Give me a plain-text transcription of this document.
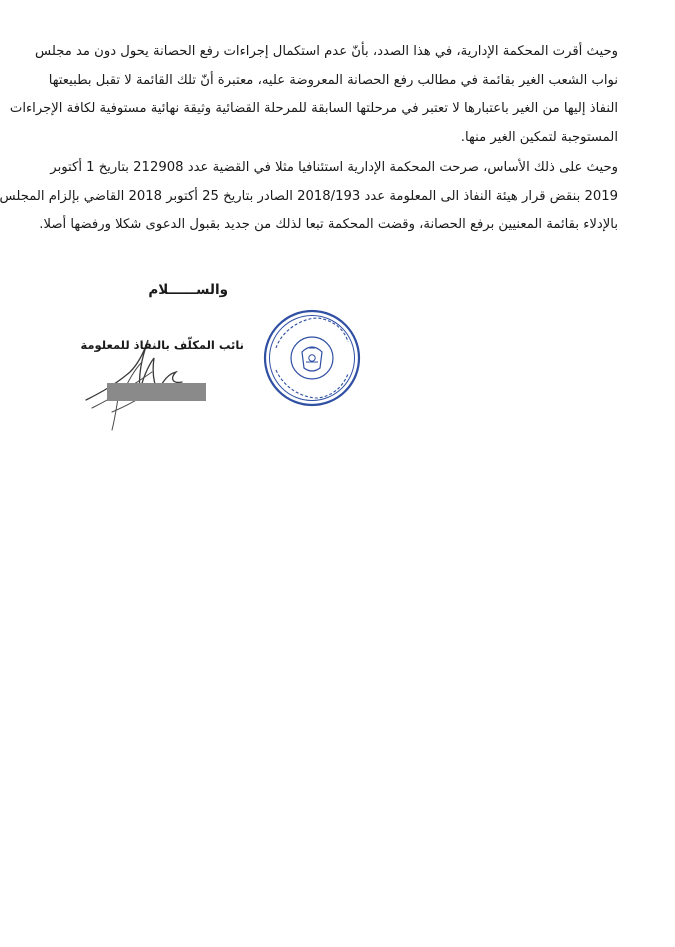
وحيث أقرت المحكمة الإدارية، في هذا الصدد، بأنّ عدم استكمال إجراءات رفع الحصانة يحول دون مد مجلس
نواب الشعب الغير بقائمة في مطالب رفع الحصانة المعروضة عليه، معتبرة أنّ تلك القائمة لا تقبل بطبيعتها
النفاذ إليها من الغير باعتبارها لا تعتبر في مرحلتها السابقة للمرحلة القضائية وثيقة نهائية مستوفية لكافة الإجراءات
المستوجبة لتمكين الغير منها.
وحيث على ذلك الأساس، صرحت المحكمة الإدارية استئنافيا مثلا في القضية عدد 212908 بتاريخ 1 أكتوبر
2019 بنقض قرار هيئة النفاذ الى المعلومة عدد 2018/193 الصادر بتاريخ 25 أكتوبر 2018 القاضي بإلزام المجلس
بالإدلاء بقائمة المعنيين برفع الحصانة، وقضت المحكمة تبعا لذلك من جديد بقبول الدعوى شكلا ورفضها أصلا.
والســــــلام
نائب المكلّف بالنفاذ للمعلومة
